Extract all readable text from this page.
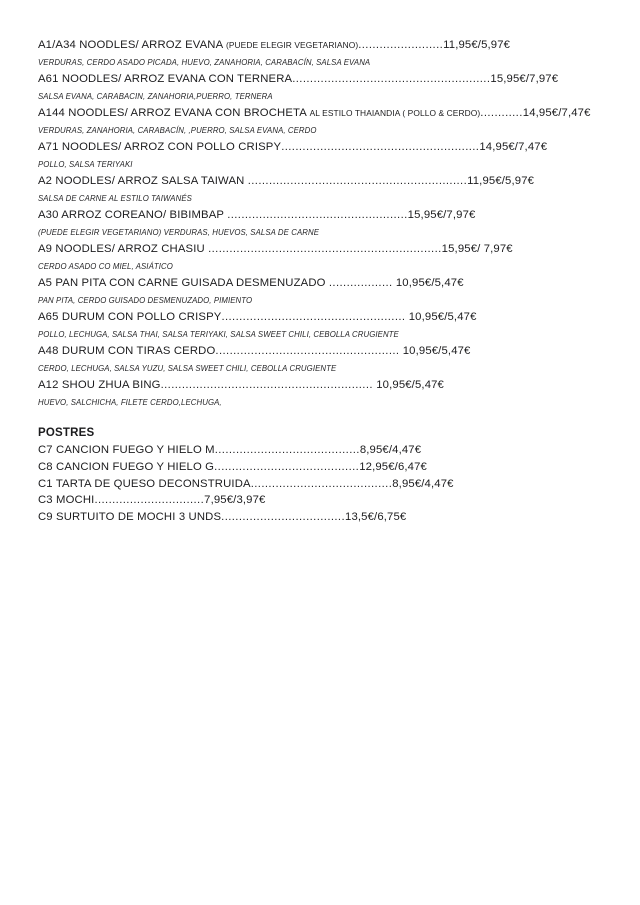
A1/A34 NOODLES/ ARROZ EVANA (PUEDE ELEGIR VEGETARIANO)........................11,95€/5,97€

VERDURAS, CERDO ASADO PICADA, HUEVO, ZANAHORIA, CARABACÍN, SALSA EVANA

A61 NOODLES/ ARROZ EVANA CON TERNERA........................................................15,95€/7,97€

SALSA EVANA, CARABACIN, ZANAHORIA,PUERRO, TERNERA

A144 NOODLES/ ARROZ EVANA CON BROCHETA AL ESTILO THAIANDIA ( POLLO & CERDO)............14,95€/7,47€

VERDURAS, ZANAHORIA, CARABACÍN, ,PUERRO, SALSA EVANA, CERDO

A71 NOODLES/ ARROZ CON POLLO CRISPY........................................................14,95€/7,47€

POLLO, SALSA TERIYAKI

A2 NOODLES/ ARROZ SALSA TAIWAN ..............................................................11,95€/5,97€

SALSA DE CARNE AL ESTILO TAIWANÉS

A30 ARROZ COREANO/ BIBIMBAP ...................................................15,95€/7,97€

(PUEDE ELEGIR VEGETARIANO) VERDURAS, HUEVOS, SALSA DE CARNE

A9 NOODLES/ ARROZ CHASIU ..................................................................15,95€/ 7,97€

CERDO ASADO CO MIEL, ASIÁTICO

A5 PAN PITA CON CARNE GUISADA DESMENUZADO .................. 10,95€/5,47€

PAN PITA, CERDO GUISADO DESMENUZADO, PIMIENTO

A65 DURUM CON POLLO CRISPY.................................................... 10,95€/5,47€

POLLO, LECHUGA, SALSA THAI, SALSA TERIYAKI, SALSA SWEET CHILI, CEBOLLA CRUGIENTE

A48 DURUM CON TIRAS CERDO.................................................... 10,95€/5,47€

CERDO, LECHUGA, SALSA YUZU, SALSA SWEET CHILI, CEBOLLA CRUGIENTE

A12 SHOU ZHUA BING............................................................ 10,95€/5,47€

HUEVO, SALCHICHA, FILETE CERDO,LECHUGA,

POSTRES

C7 CANCION FUEGO Y HIELO M.........................................8,95€/4,47€

C8 CANCION FUEGO Y HIELO G.........................................12,95€/6,47€

C1 TARTA DE QUESO DECONSTRUIDA........................................8,95€/4,47€

C3 MOCHI...............................7,95€/3,97€

C9 SURTUITO DE MOCHI 3 UNDS...................................13,5€/6,75€
